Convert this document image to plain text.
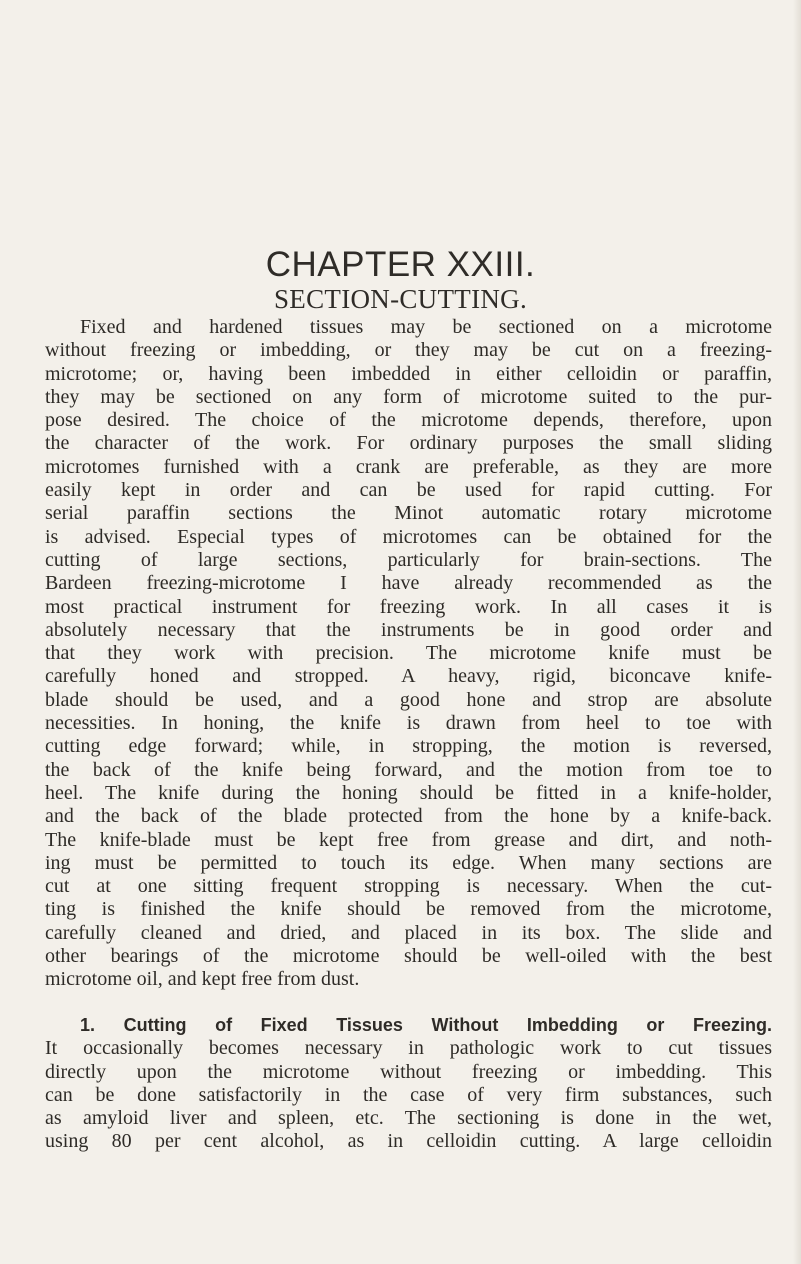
CHAPTER XXIII.
SECTION-CUTTING.
Fixed and hardened tissues may be sectioned on a microtome
without freezing or imbedding, or they may be cut on a freezing-
microtome; or, having been imbedded in either celloidin or paraffin,
they may be sectioned on any form of microtome suited to the pur-
pose desired. The choice of the microtome depends, therefore, upon
the character of the work. For ordinary purposes the small sliding
microtomes furnished with a crank are preferable, as they are more
easily kept in order and can be used for rapid cutting. For
serial paraffin sections the Minot automatic rotary microtome
is advised. Especial types of microtomes can be obtained for the
cutting of large sections, particularly for brain-sections. The
Bardeen freezing-microtome I have already recommended as the
most practical instrument for freezing work. In all cases it is
absolutely necessary that the instruments be in good order and
that they work with precision. The microtome knife must be
carefully honed and stropped. A heavy, rigid, biconcave knife-
blade should be used, and a good hone and strop are absolute
necessities. In honing, the knife is drawn from heel to toe with
cutting edge forward; while, in stropping, the motion is reversed,
the back of the knife being forward, and the motion from toe to
heel. The knife during the honing should be fitted in a knife-holder,
and the back of the blade protected from the hone by a knife-back.
The knife-blade must be kept free from grease and dirt, and noth-
ing must be permitted to touch its edge. When many sections are
cut at one sitting frequent stropping is necessary. When the cut-
ting is finished the knife should be removed from the microtome,
carefully cleaned and dried, and placed in its box. The slide and
other bearings of the microtome should be well-oiled with the best
microtome oil, and kept free from dust.
1. Cutting of Fixed Tissues Without Imbedding or Freezing.
It occasionally becomes necessary in pathologic work to cut tissues
directly upon the microtome without freezing or imbedding. This
can be done satisfactorily in the case of very firm substances, such
as amyloid liver and spleen, etc. The sectioning is done in the wet,
using 80 per cent alcohol, as in celloidin cutting. A large celloidin
